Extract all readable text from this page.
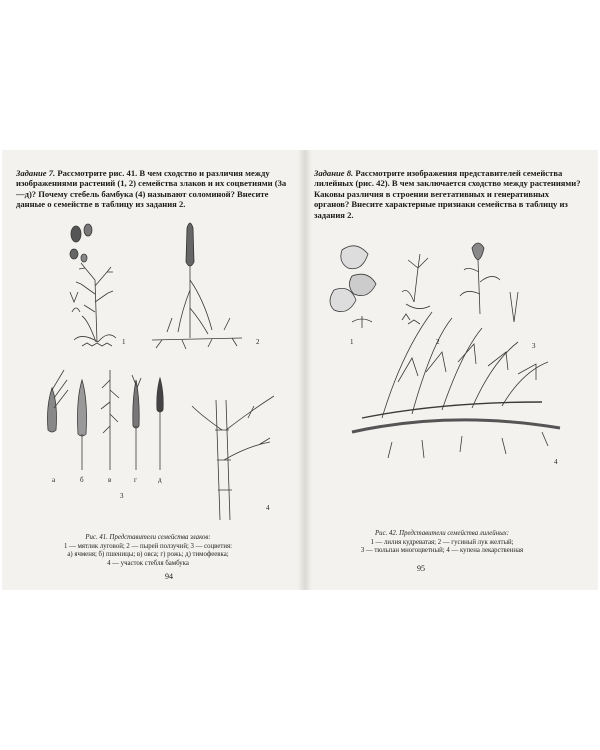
Задание 7. Рассмотрите рис. 41. В чем сходство и различия между изображениями растений (1, 2) семейства злаков и их соцветиями (3а—д)? Почему стебель бамбука (4) называют соломиной? Внесите данные о семействе в таблицу из задания 2.
1	2
3
4
а	б	в	г	д
Рис. 41. Представители семейства злаков:
1 — мятлик луговой; 2 — пырей ползучий; 3 — соцветия:
а) ячменя; б) пшеницы; в) овса; г) рожь; д) тимофеевка;
4 — участок стебля бамбука
94
Задание 8. Рассмотрите изображения представителей семейства лилейных (рис. 42). В чем заключается сходство между растениями? Каковы различия в строении вегетативных и генеративных органов? Внесите характерные признаки семейства в таблицу из задания 2.
1	2	3
4
Рис. 42. Представители семейства лилейных:
1 — лилия кудреватая; 2 — гусиный лук желтый;
3 — тюльпан многоцветный; 4 — купена лекарственная
95
